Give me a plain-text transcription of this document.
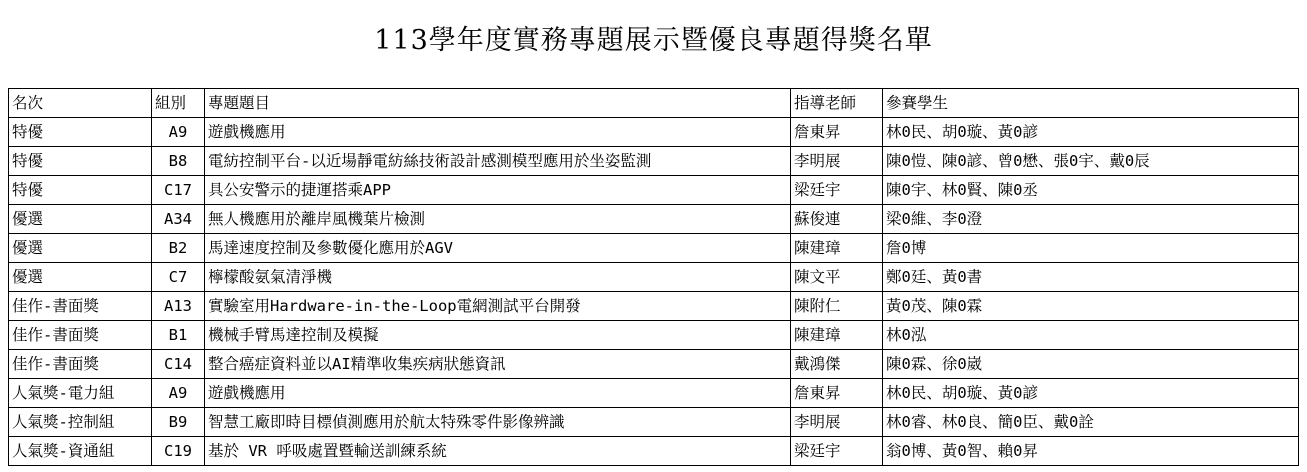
113學年度實務專題展示暨優良專題得獎名單
名次	組別	專題題目	指導老師	參賽學生
特優	A9	遊戲機應用	詹東昇	林0民、胡0璇、黃0諺
特優	B8	電紡控制平台-以近場靜電紡絲技術設計感測模型應用於坐姿監測	李明展	陳0愷、陳0諺、曾0懋、張0宇、戴0辰
特優	C17	具公安警示的捷運搭乘APP	梁廷宇	陳0宇、林0賢、陳0丞
優選	A34	無人機應用於離岸風機葉片檢測	蘇俊連	梁0維、李0澄
優選	B2	馬達速度控制及參數優化應用於AGV	陳建璋	詹0博
優選	C7	檸檬酸氨氣清淨機	陳文平	鄭0廷、黃0書
佳作-書面獎	A13	實驗室用Hardware-in-the-Loop電網測試平台開發	陳附仁	黃0茂、陳0霖
佳作-書面獎	B1	機械手臂馬達控制及模擬	陳建璋	林0泓
佳作-書面獎	C14	整合癌症資料並以AI精準收集疾病狀態資訊	戴鴻傑	陳0霖、徐0崴
人氣獎-電力組	A9	遊戲機應用	詹東昇	林0民、胡0璇、黃0諺
人氣獎-控制組	B9	智慧工廠即時目標偵測應用於航太特殊零件影像辨識	李明展	林0睿、林0良、簡0臣、戴0詮
人氣獎-資通組	C19	基於 VR 呼吸處置暨輸送訓練系統	梁廷宇	翁0博、黃0智、賴0昇
